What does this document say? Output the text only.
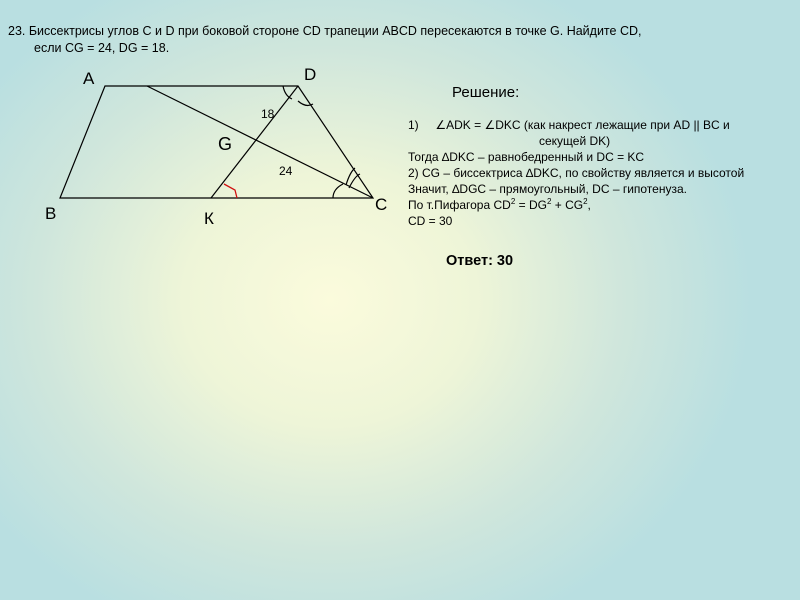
23. Биссектрисы углов C и D при боковой стороне CD трапеции ABCD пересекаются в точке G. Найдите CD,
если CG = 24, DG = 18.
A	D
B	К
C
G
18
24
Решение:
1)     ∠ADK = ∠DKC (как накрест лежащие при AD || BC и
секущей DK)
Тогда ∆DKC – равнобедренный и DC = KC
2) CG – биссектриса ∆DKC, по свойству является и высотой
Значит, ∆DGC – прямоугольный, DC – гипотенуза.
По т.Пифагора $CD^2 = DG^2 + CG^2$,
CD = 30
Ответ: 30
